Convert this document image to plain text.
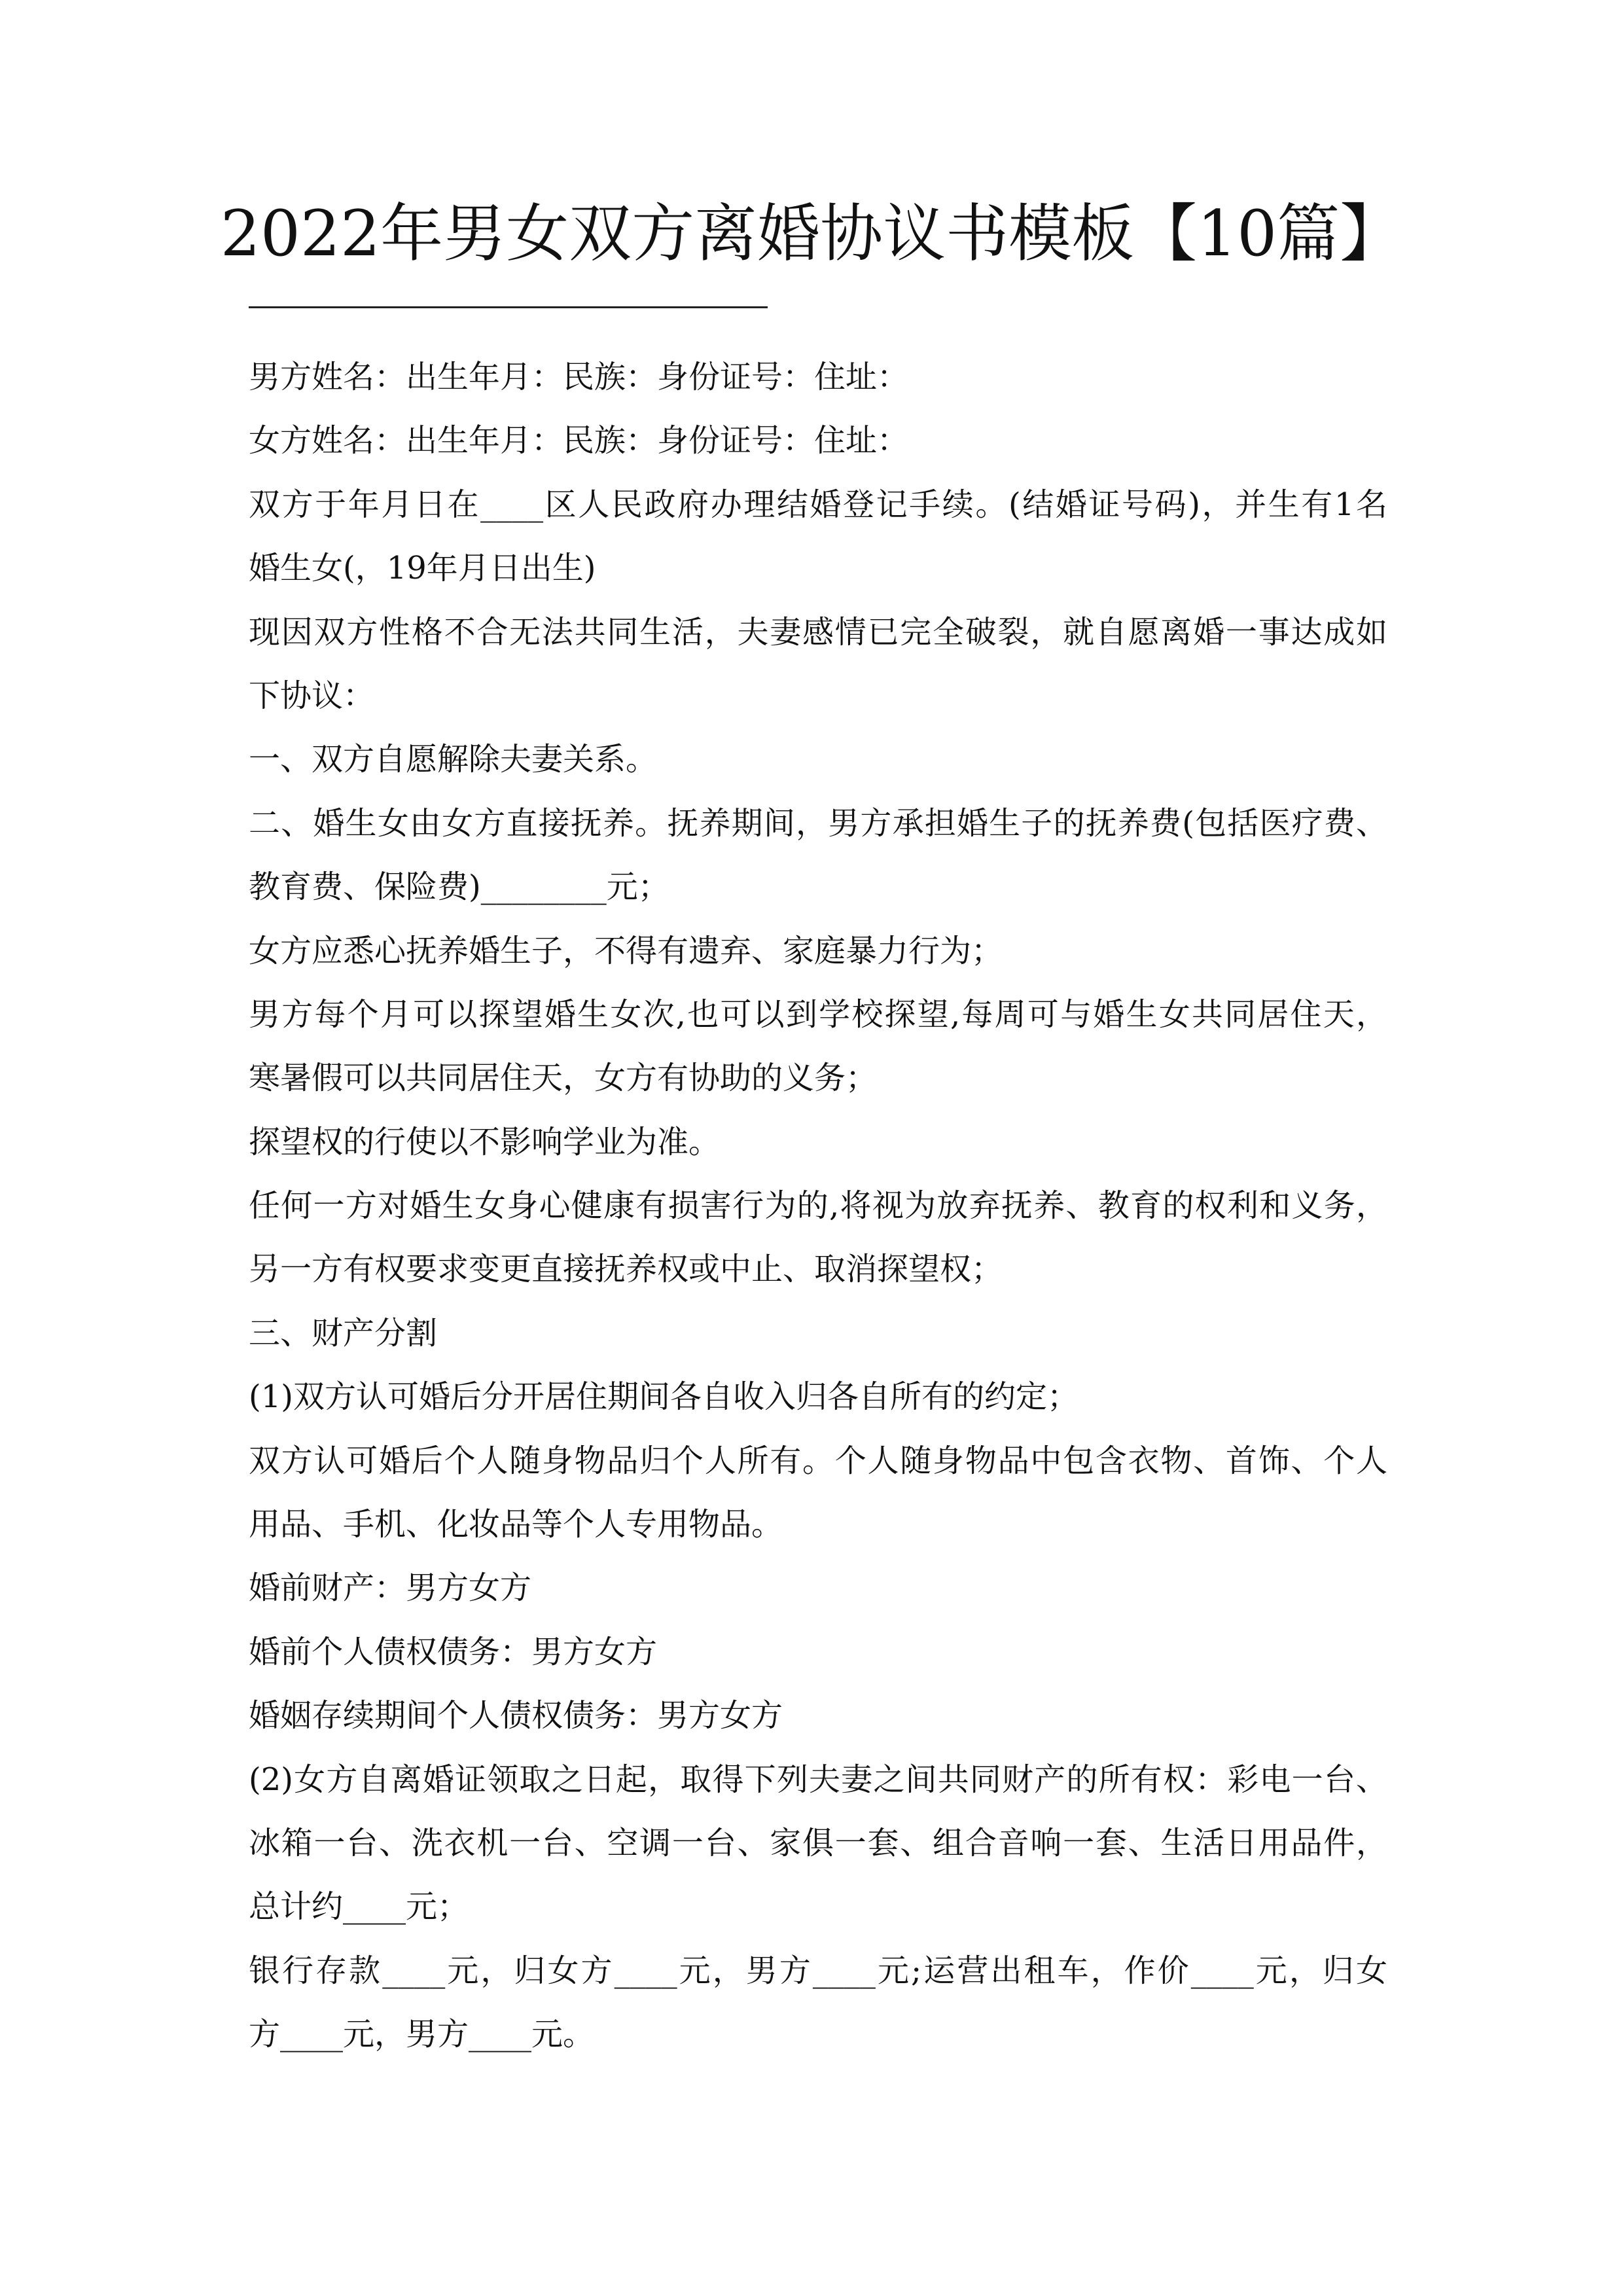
2022年男女双方离婚协议书模板【10篇】
男方姓名：出生年月：民族：身份证号：住址：
女方姓名：出生年月：民族：身份证号：住址：
双方于年月日在____区人民政府办理结婚登记手续。(结婚证号码)，并生有1名
婚生女(，19年月日出生)
现因双方性格不合无法共同生活，夫妻感情已完全破裂，就自愿离婚一事达成如
下协议：
一、双方自愿解除夫妻关系。
二、婚生女由女方直接抚养。抚养期间，男方承担婚生子的抚养费(包括医疗费、
教育费、保险费)________元；
女方应悉心抚养婚生子，不得有遗弃、家庭暴力行为；
男方每个月可以探望婚生女次,也可以到学校探望,每周可与婚生女共同居住天，
寒暑假可以共同居住天，女方有协助的义务；
探望权的行使以不影响学业为准。
任何一方对婚生女身心健康有损害行为的,将视为放弃抚养、教育的权利和义务，
另一方有权要求变更直接抚养权或中止、取消探望权；
三、财产分割
(1)双方认可婚后分开居住期间各自收入归各自所有的约定；
双方认可婚后个人随身物品归个人所有。个人随身物品中包含衣物、首饰、个人
用品、手机、化妆品等个人专用物品。
婚前财产：男方女方
婚前个人债权债务：男方女方
婚姻存续期间个人债权债务：男方女方
(2)女方自离婚证领取之日起，取得下列夫妻之间共同财产的所有权：彩电一台、
冰箱一台、洗衣机一台、空调一台、家俱一套、组合音响一套、生活日用品件，
总计约____元；
银行存款____元，归女方____元，男方____元;运营出租车，作价____元，归女
方____元，男方____元。
